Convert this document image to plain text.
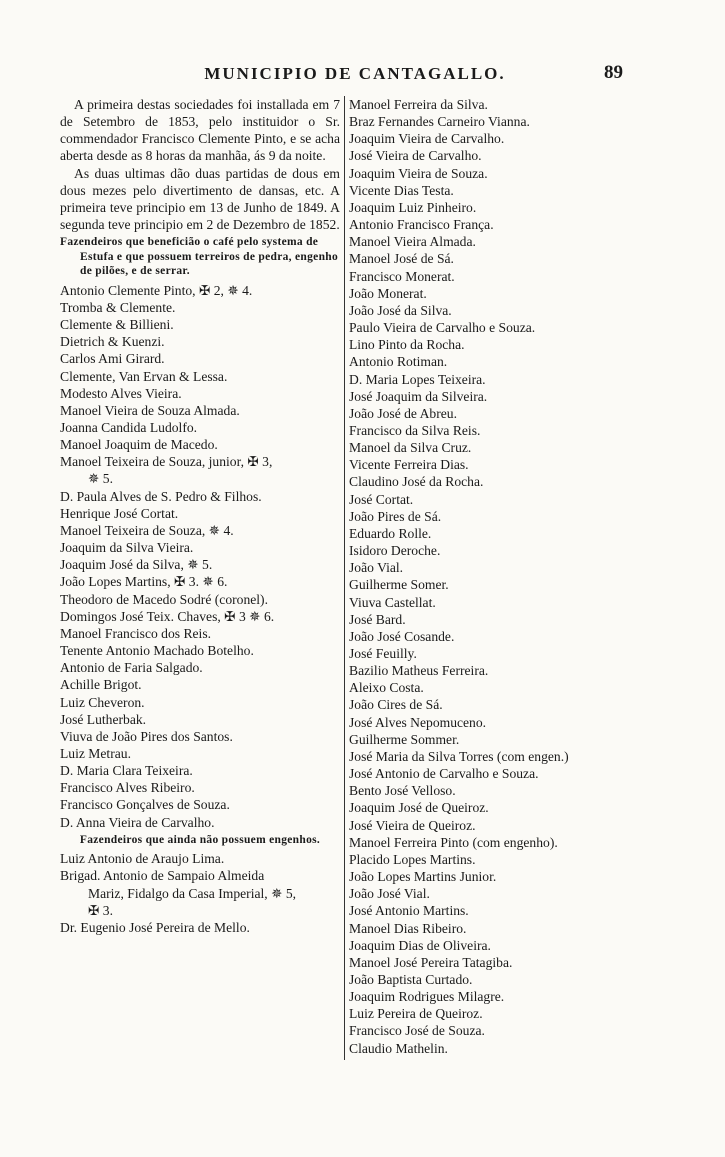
MUNICIPIO DE CANTAGALLO.	89

A primeira destas sociedades foi installada em 7 de Setembro de 1853, pelo instituidor o Sr. commendador Francisco Clemente Pinto, e se acha aberta desde as 8 horas da manhãa, ás 9 da noite.

As duas ultimas dão duas partidas de dous em dous mezes pelo divertimento de dansas, etc. A primeira teve principio em 13 de Junho de 1849. A segunda teve principio em 2 de Dezembro de 1852.

Fazendeiros que beneficião o café pelo systema de Estufa e que possuem terreiros de pedra, engenho de pilões, e de serrar.
Antonio Clemente Pinto, ✠ 2, ✵ 4.
Tromba & Clemente.
Clemente & Billieni.
Dietrich & Kuenzi.
Carlos Ami Girard.
Clemente, Van Ervan & Lessa.
Modesto Alves Vieira.
Manoel Vieira de Souza Almada.
Joanna Candida Ludolfo.
Manoel Joaquim de Macedo.
Manoel Teixeira de Souza, junior, ✠ 3,
✵ 5.
D. Paula Alves de S. Pedro & Filhos.
Henrique José Cortat.
Manoel Teixeira de Souza, ✵ 4.
Joaquim da Silva Vieira.
Joaquim José da Silva, ✵ 5.
João Lopes Martins, ✠ 3. ✵ 6.
Theodoro de Macedo Sodré (coronel).
Domingos José Teix. Chaves, ✠ 3 ✵ 6.
Manoel Francisco dos Reis.
Tenente Antonio Machado Botelho.
Antonio de Faria Salgado.
Achille Brigot.
Luiz Cheveron.
José Lutherbak.
Viuva de João Pires dos Santos.
Luiz Metrau.
D. Maria Clara Teixeira.
Francisco Alves Ribeiro.
Francisco Gonçalves de Souza.
D. Anna Vieira de Carvalho.
Fazendeiros que ainda não possuem engenhos.
Luiz Antonio de Araujo Lima.
Brigad. Antonio de Sampaio Almeida
Mariz, Fidalgo da Casa Imperial, ✵ 5,
✠ 3.
Dr. Eugenio José Pereira de Mello.
Manoel Ferreira da Silva.
Braz Fernandes Carneiro Vianna.
Joaquim Vieira de Carvalho.
José Vieira de Carvalho.
Joaquim Vieira de Souza.
Vicente Dias Testa.
Joaquim Luiz Pinheiro.
Antonio Francisco França.
Manoel Vieira Almada.
Manoel José de Sá.
Francisco Monerat.
João Monerat.
João José da Silva.
Paulo Vieira de Carvalho e Souza.
Lino Pinto da Rocha.
Antonio Rotiman.
D. Maria Lopes Teixeira.
José Joaquim da Silveira.
João José de Abreu.
Francisco da Silva Reis.
Manoel da Silva Cruz.
Vicente Ferreira Dias.
Claudino José da Rocha.
José Cortat.
João Pires de Sá.
Eduardo Rolle.
Isidoro Deroche.
João Vial.
Guilherme Somer.
Viuva Castellat.
José Bard.
João José Cosande.
José Feuilly.
Bazilio Matheus Ferreira.
Aleixo Costa.
João Cires de Sá.
José Alves Nepomuceno.
Guilherme Sommer.
José Maria da Silva Torres (com engen.)
José Antonio de Carvalho e Souza.
Bento José Velloso.
Joaquim José de Queiroz.
José Vieira de Queiroz.
Manoel Ferreira Pinto (com engenho).
Placido Lopes Martins.
João Lopes Martins Junior.
João José Vial.
José Antonio Martins.
Manoel Dias Ribeiro.
Joaquim Dias de Oliveira.
Manoel José Pereira Tatagiba.
João Baptista Curtado.
Joaquim Rodrigues Milagre.
Luiz Pereira de Queiroz.
Francisco José de Souza.
Claudio Mathelin.
